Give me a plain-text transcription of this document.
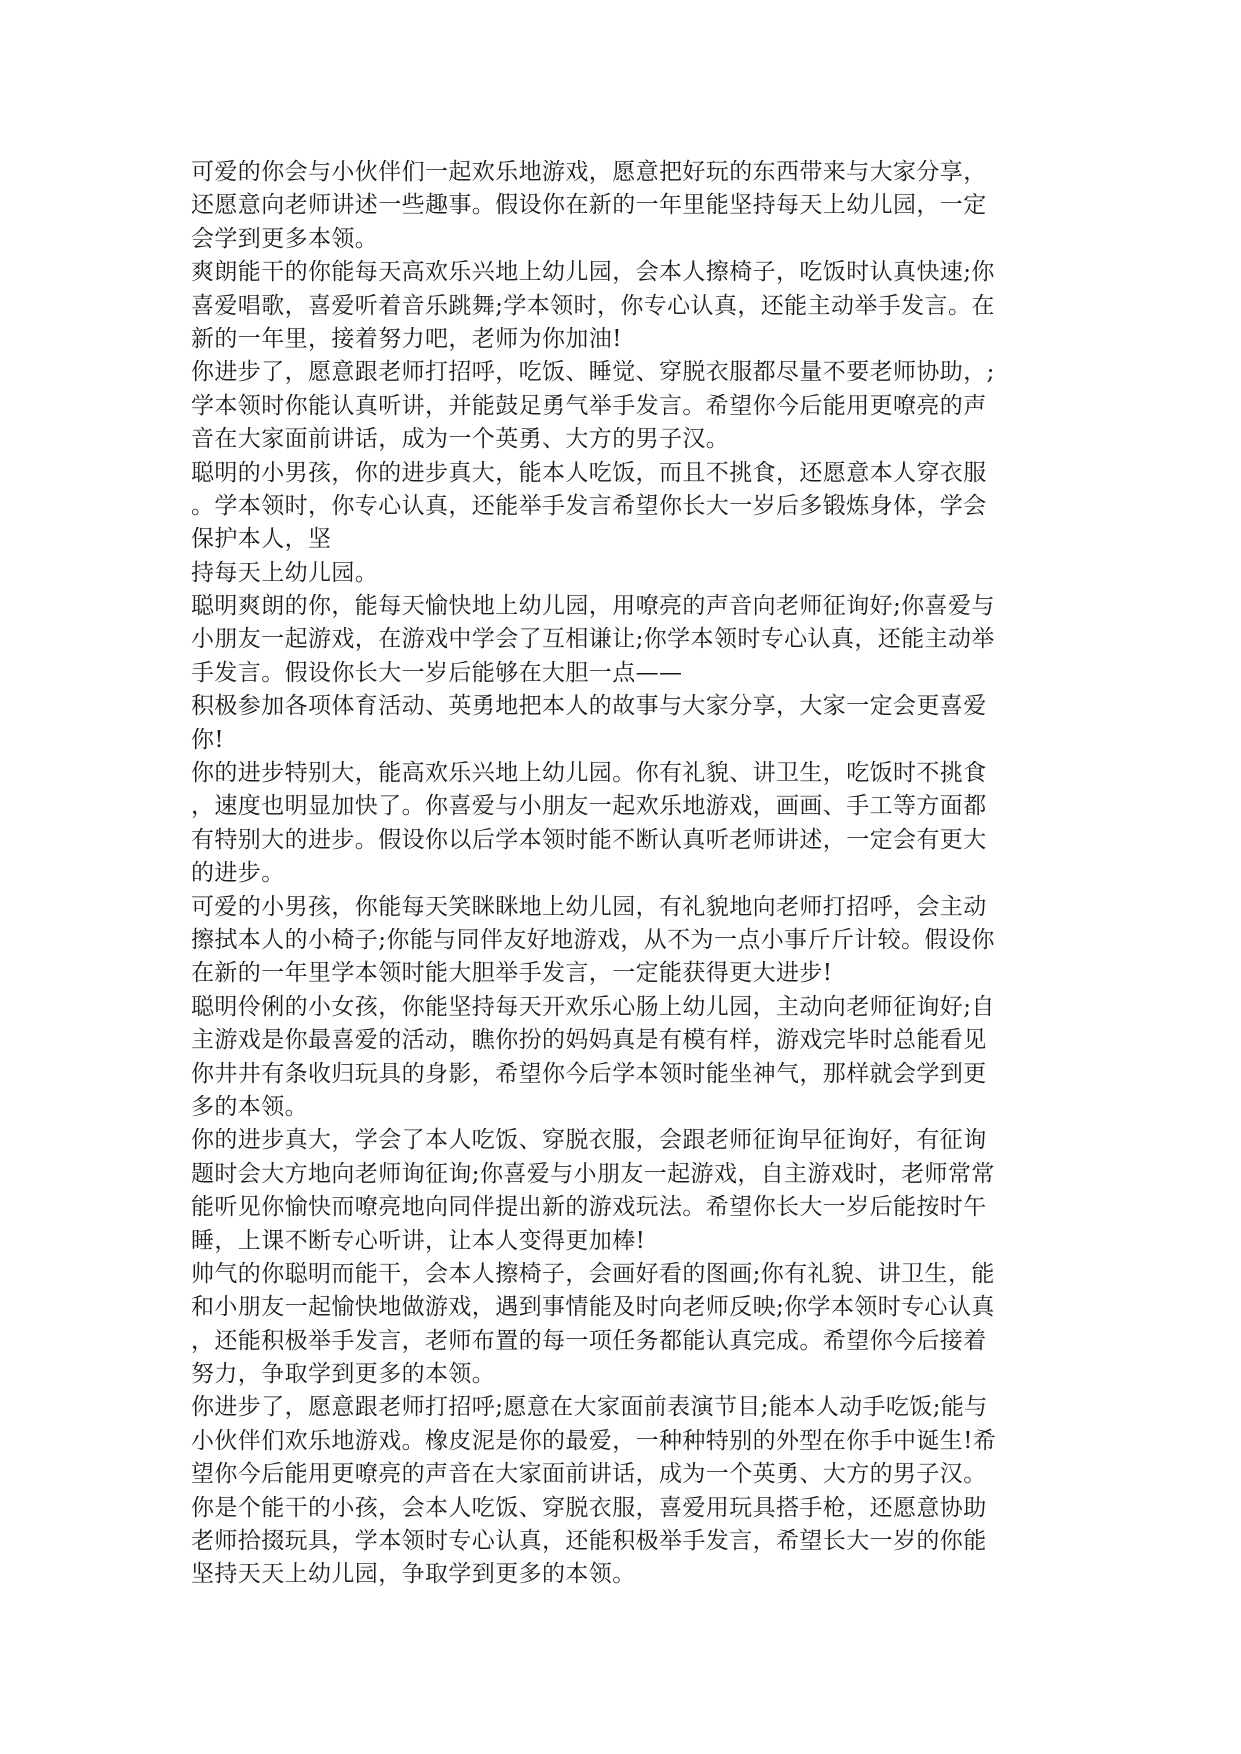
可爱的你会与小伙伴们一起欢乐地游戏，愿意把好玩的东西带来与大家分享，
还愿意向老师讲述一些趣事。假设你在新的一年里能坚持每天上幼儿园，一定
会学到更多本领。
爽朗能干的你能每天高欢乐兴地上幼儿园，会本人擦椅子，吃饭时认真快速;你
喜爱唱歌，喜爱听着音乐跳舞;学本领时，你专心认真，还能主动举手发言。在
新的一年里，接着努力吧，老师为你加油!
你进步了，愿意跟老师打招呼，吃饭、睡觉、穿脱衣服都尽量不要老师协助，;
学本领时你能认真听讲，并能鼓足勇气举手发言。希望你今后能用更嘹亮的声
音在大家面前讲话，成为一个英勇、大方的男子汉。
聪明的小男孩，你的进步真大，能本人吃饭，而且不挑食，还愿意本人穿衣服
。学本领时，你专心认真，还能举手发言希望你长大一岁后多锻炼身体，学会
保护本人，坚
持每天上幼儿园。
聪明爽朗的你，能每天愉快地上幼儿园，用嘹亮的声音向老师征询好;你喜爱与
小朋友一起游戏，在游戏中学会了互相谦让;你学本领时专心认真，还能主动举
手发言。假设你长大一岁后能够在大胆一点——
积极参加各项体育活动、英勇地把本人的故事与大家分享，大家一定会更喜爱
你!
你的进步特别大，能高欢乐兴地上幼儿园。你有礼貌、讲卫生，吃饭时不挑食
，速度也明显加快了。你喜爱与小朋友一起欢乐地游戏，画画、手工等方面都
有特别大的进步。假设你以后学本领时能不断认真听老师讲述，一定会有更大
的进步。
可爱的小男孩，你能每天笑眯眯地上幼儿园，有礼貌地向老师打招呼，会主动
擦拭本人的小椅子;你能与同伴友好地游戏，从不为一点小事斤斤计较。假设你
在新的一年里学本领时能大胆举手发言，一定能获得更大进步!
聪明伶俐的小女孩，你能坚持每天开欢乐心肠上幼儿园，主动向老师征询好;自
主游戏是你最喜爱的活动，瞧你扮的妈妈真是有模有样，游戏完毕时总能看见
你井井有条收归玩具的身影，希望你今后学本领时能坐神气，那样就会学到更
多的本领。
你的进步真大，学会了本人吃饭、穿脱衣服，会跟老师征询早征询好，有征询
题时会大方地向老师询征询;你喜爱与小朋友一起游戏，自主游戏时，老师常常
能听见你愉快而嘹亮地向同伴提出新的游戏玩法。希望你长大一岁后能按时午
睡，上课不断专心听讲，让本人变得更加棒!
帅气的你聪明而能干，会本人擦椅子，会画好看的图画;你有礼貌、讲卫生，能
和小朋友一起愉快地做游戏，遇到事情能及时向老师反映;你学本领时专心认真
，还能积极举手发言，老师布置的每一项任务都能认真完成。希望你今后接着
努力，争取学到更多的本领。
你进步了，愿意跟老师打招呼;愿意在大家面前表演节目;能本人动手吃饭;能与
小伙伴们欢乐地游戏。橡皮泥是你的最爱，一种种特别的外型在你手中诞生!希
望你今后能用更嘹亮的声音在大家面前讲话，成为一个英勇、大方的男子汉。
你是个能干的小孩，会本人吃饭、穿脱衣服，喜爱用玩具搭手枪，还愿意协助
老师拾掇玩具，学本领时专心认真，还能积极举手发言，希望长大一岁的你能
坚持天天上幼儿园，争取学到更多的本领。
